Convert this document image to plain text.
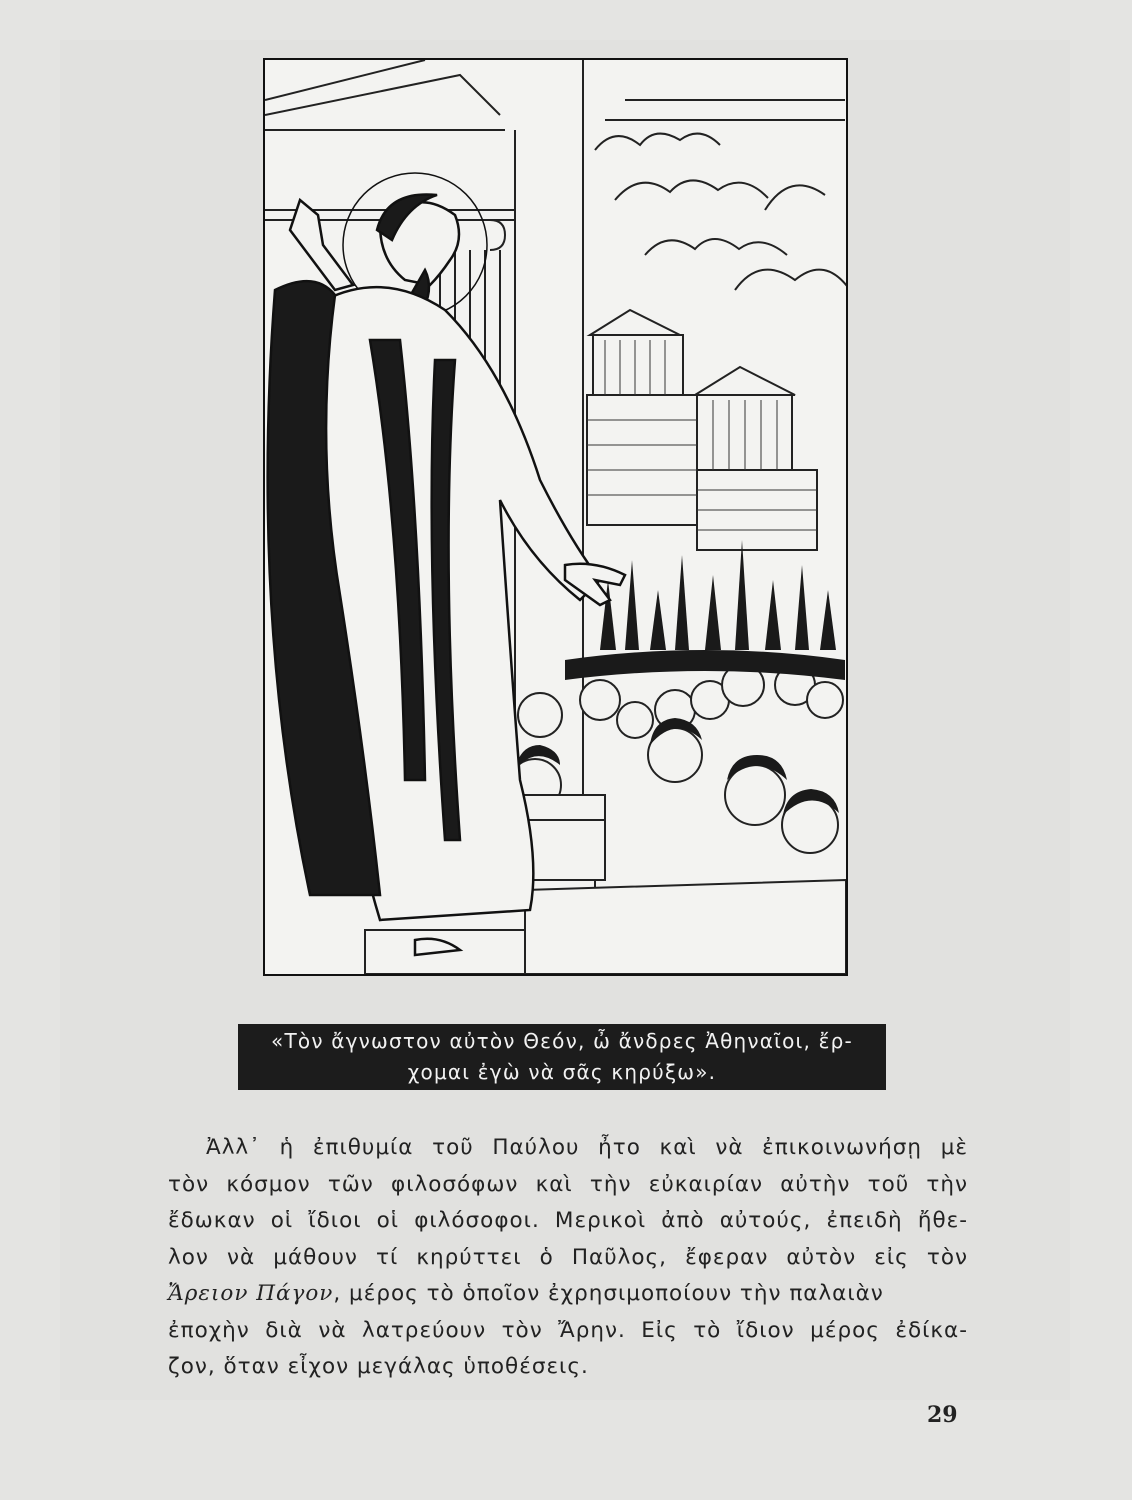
«Τὸν ἄγνωστον αὐτὸν Θεόν, ὦ ἄνδρες Ἀθηναῖοι, ἔρ-
χομαι ἐγὼ νὰ σᾶς κηρύξω».
Ἀλλ᾽ ἡ ἐπιθυμία τοῦ Παύλου ἦτο καὶ νὰ ἐπικοινωνήσῃ μὲ
τὸν κόσμον τῶν φιλοσόφων καὶ τὴν εὐκαιρίαν αὐτὴν τοῦ τὴν
ἔδωκαν οἱ ἴδιοι οἱ φιλόσοφοι. Μερικοὶ ἀπὸ αὐτούς, ἐπειδὴ ἤθε-
λον νὰ μάθουν τί κηρύττει ὁ Παῦλος, ἔφεραν αὐτὸν εἰς τὸν
Ἄρειον Πάγον, μέρος τὸ ὁποῖον ἐχρησιμοποίουν τὴν παλαιὰν
ἐποχὴν διὰ νὰ λατρεύουν τὸν Ἄρην. Εἰς τὸ ἴδιον μέρος ἐδίκα-
ζον, ὅταν εἶχον μεγάλας ὑποθέσεις.
29
